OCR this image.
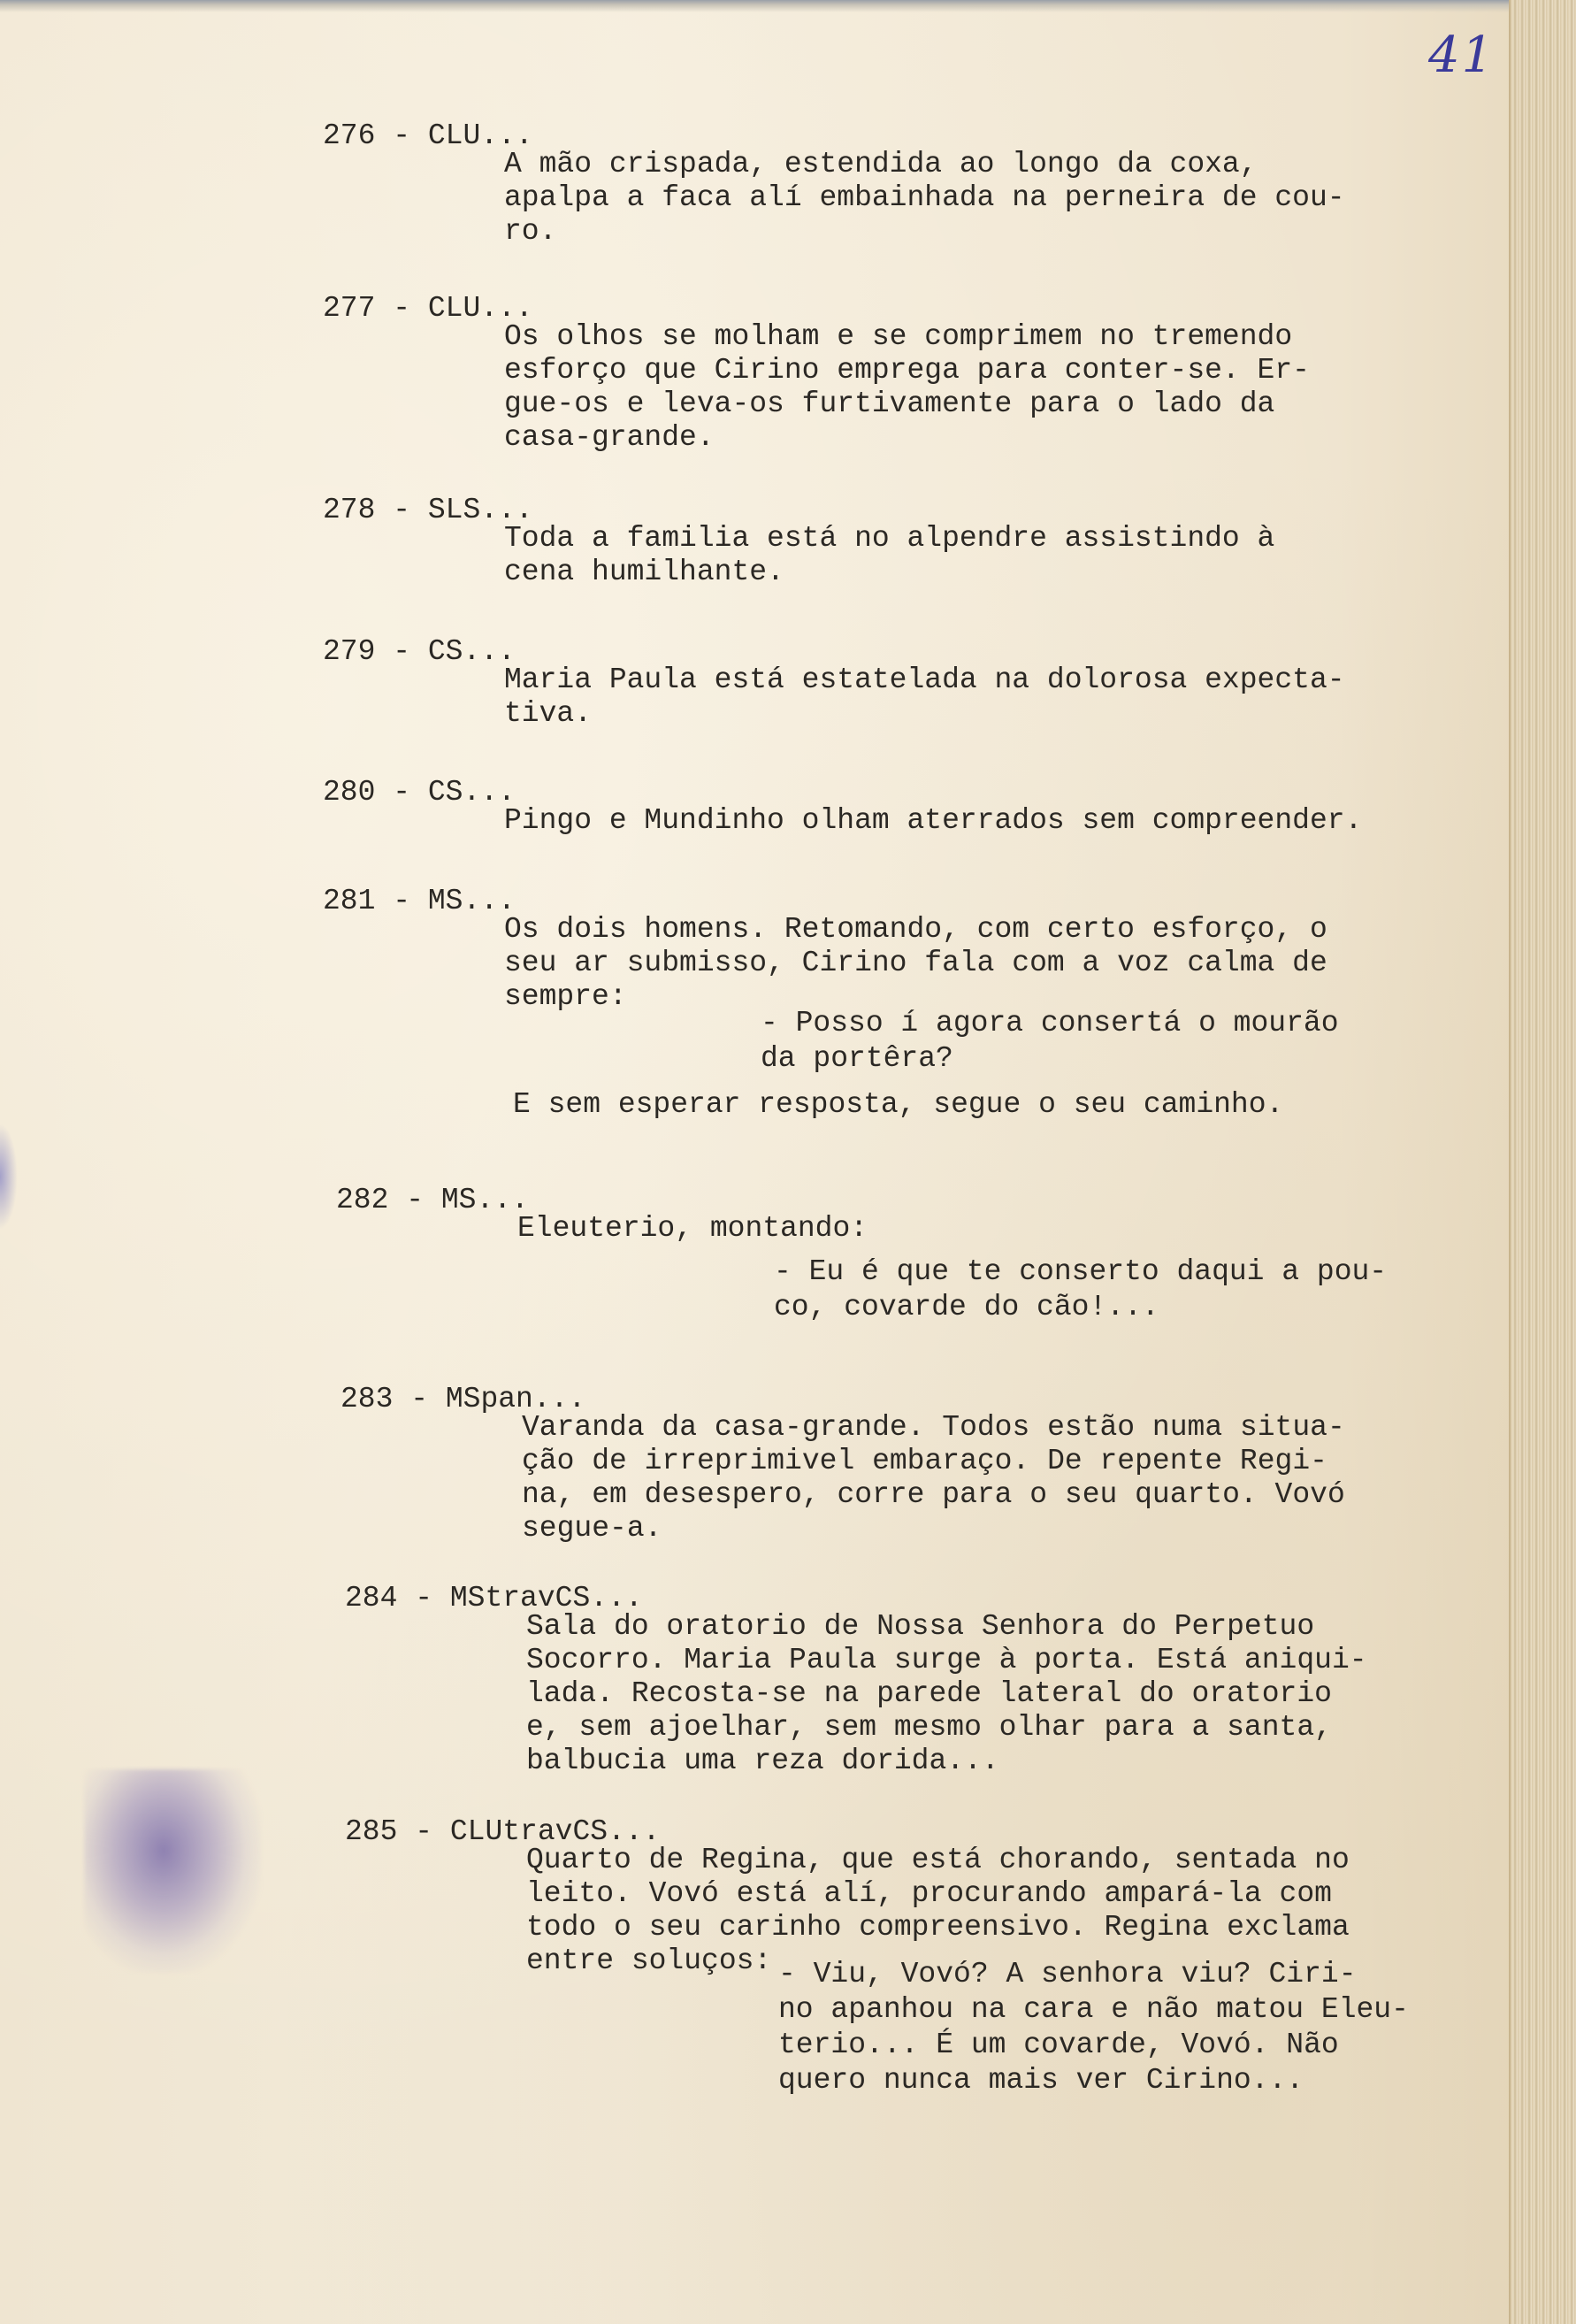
41
276 - CLU...
A mão crispada, estendida ao longo da coxa,
apalpa a faca alí embainhada na perneira de cou-
ro.
277 - CLU...
Os olhos se molham e se comprimem no tremendo
esforço que Cirino emprega para conter-se. Er-
gue-os e leva-os furtivamente para o lado da
casa-grande.
278 - SLS...
Toda a familia está no alpendre assistindo à
cena humilhante.
279 - CS...
Maria Paula está estatelada na dolorosa expecta-
tiva.
280 - CS...
Pingo e Mundinho olham aterrados sem compreender.
281 - MS...
Os dois homens. Retomando, com certo esforço, o
seu ar submisso, Cirino fala com a voz calma de
sempre:
- Posso í agora consertá o mourão
da portêra?
E sem esperar resposta, segue o seu caminho.
282 - MS...
Eleuterio, montando:
- Eu é que te conserto daqui a pou-
co, covarde do cão!...
283 - MSpan...
Varanda da casa-grande. Todos estão numa situa-
ção de irreprimivel embaraço. De repente Regi-
na, em desespero, corre para o seu quarto. Vovó
segue-a.
284 - MStravCS...
Sala do oratorio de Nossa Senhora do Perpetuo
Socorro. Maria Paula surge à porta. Está aniqui-
lada. Recosta-se na parede lateral do oratorio
e, sem ajoelhar, sem mesmo olhar para a santa,
balbucia uma reza dorida...
285 - CLUtravCS...
Quarto de Regina, que está chorando, sentada no
leito. Vovó está alí, procurando ampará-la com
todo o seu carinho compreensivo. Regina exclama
entre soluços: - Viu, Vovó? A senhora viu? Ciri-
no apanhou na cara e não matou Eleu-
terio... É um covarde, Vovó. Não
quero nunca mais ver Cirino...
